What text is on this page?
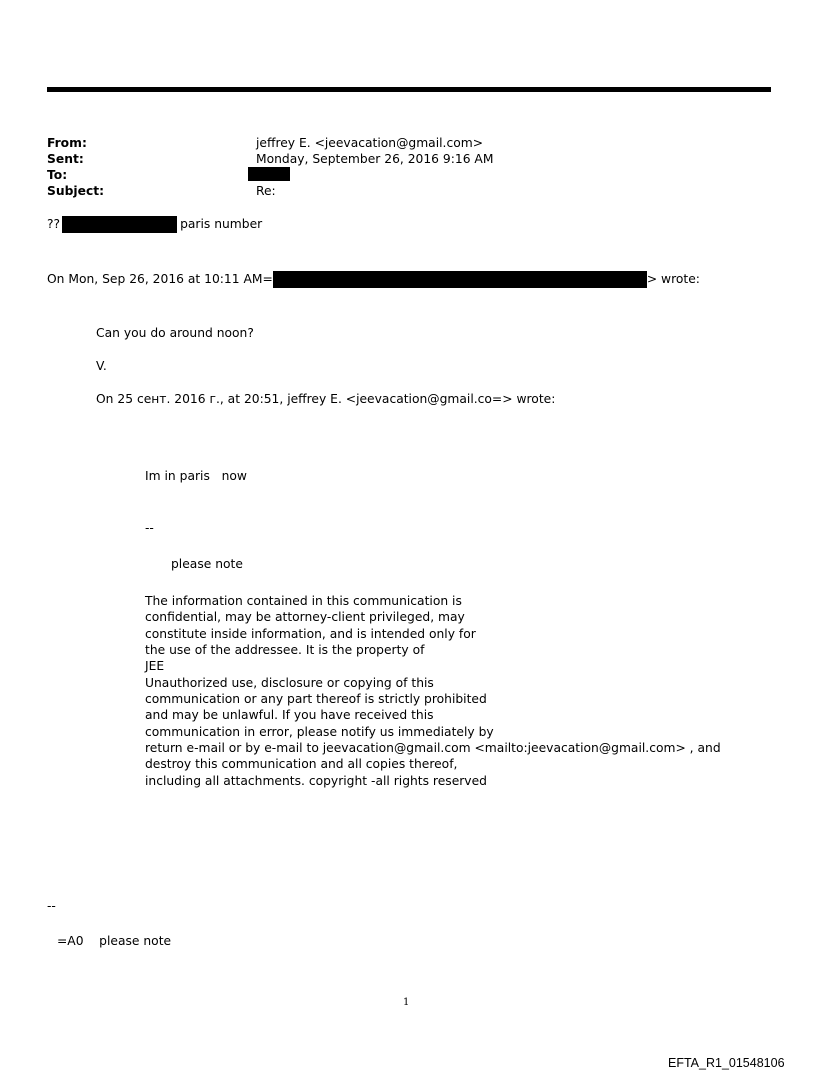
From:	jeffrey E. <jeevacation@gmail.com>
Sent:	Monday, September 26, 2016 9:16 AM
To:
Subject:	Re:
??	paris number
On Mon, Sep 26, 2016 at 10:11 AM=	> wrote:
Can you do around noon?
V.
On 25 сент. 2016 г., at 20:51, jeffrey E. <jeevacation@gmail.co=> wrote:
Im in paris   now
--
please note
The information contained in this communication is
confidential, may be attorney-client privileged, may
constitute inside information, and is intended only for
the use of the addressee. It is the property of
JEE
Unauthorized use, disclosure or copying of this
communication or any part thereof is strictly prohibited
and may be unlawful. If you have received this
communication in error, please notify us immediately by
return e-mail or by e-mail to jeevacation@gmail.com <mailto:jeevacation@gmail.com> , and
destroy this communication and all copies thereof,
including all attachments. copyright -all rights reserved
--
=A0    please note
1
EFTA_R1_01548106
